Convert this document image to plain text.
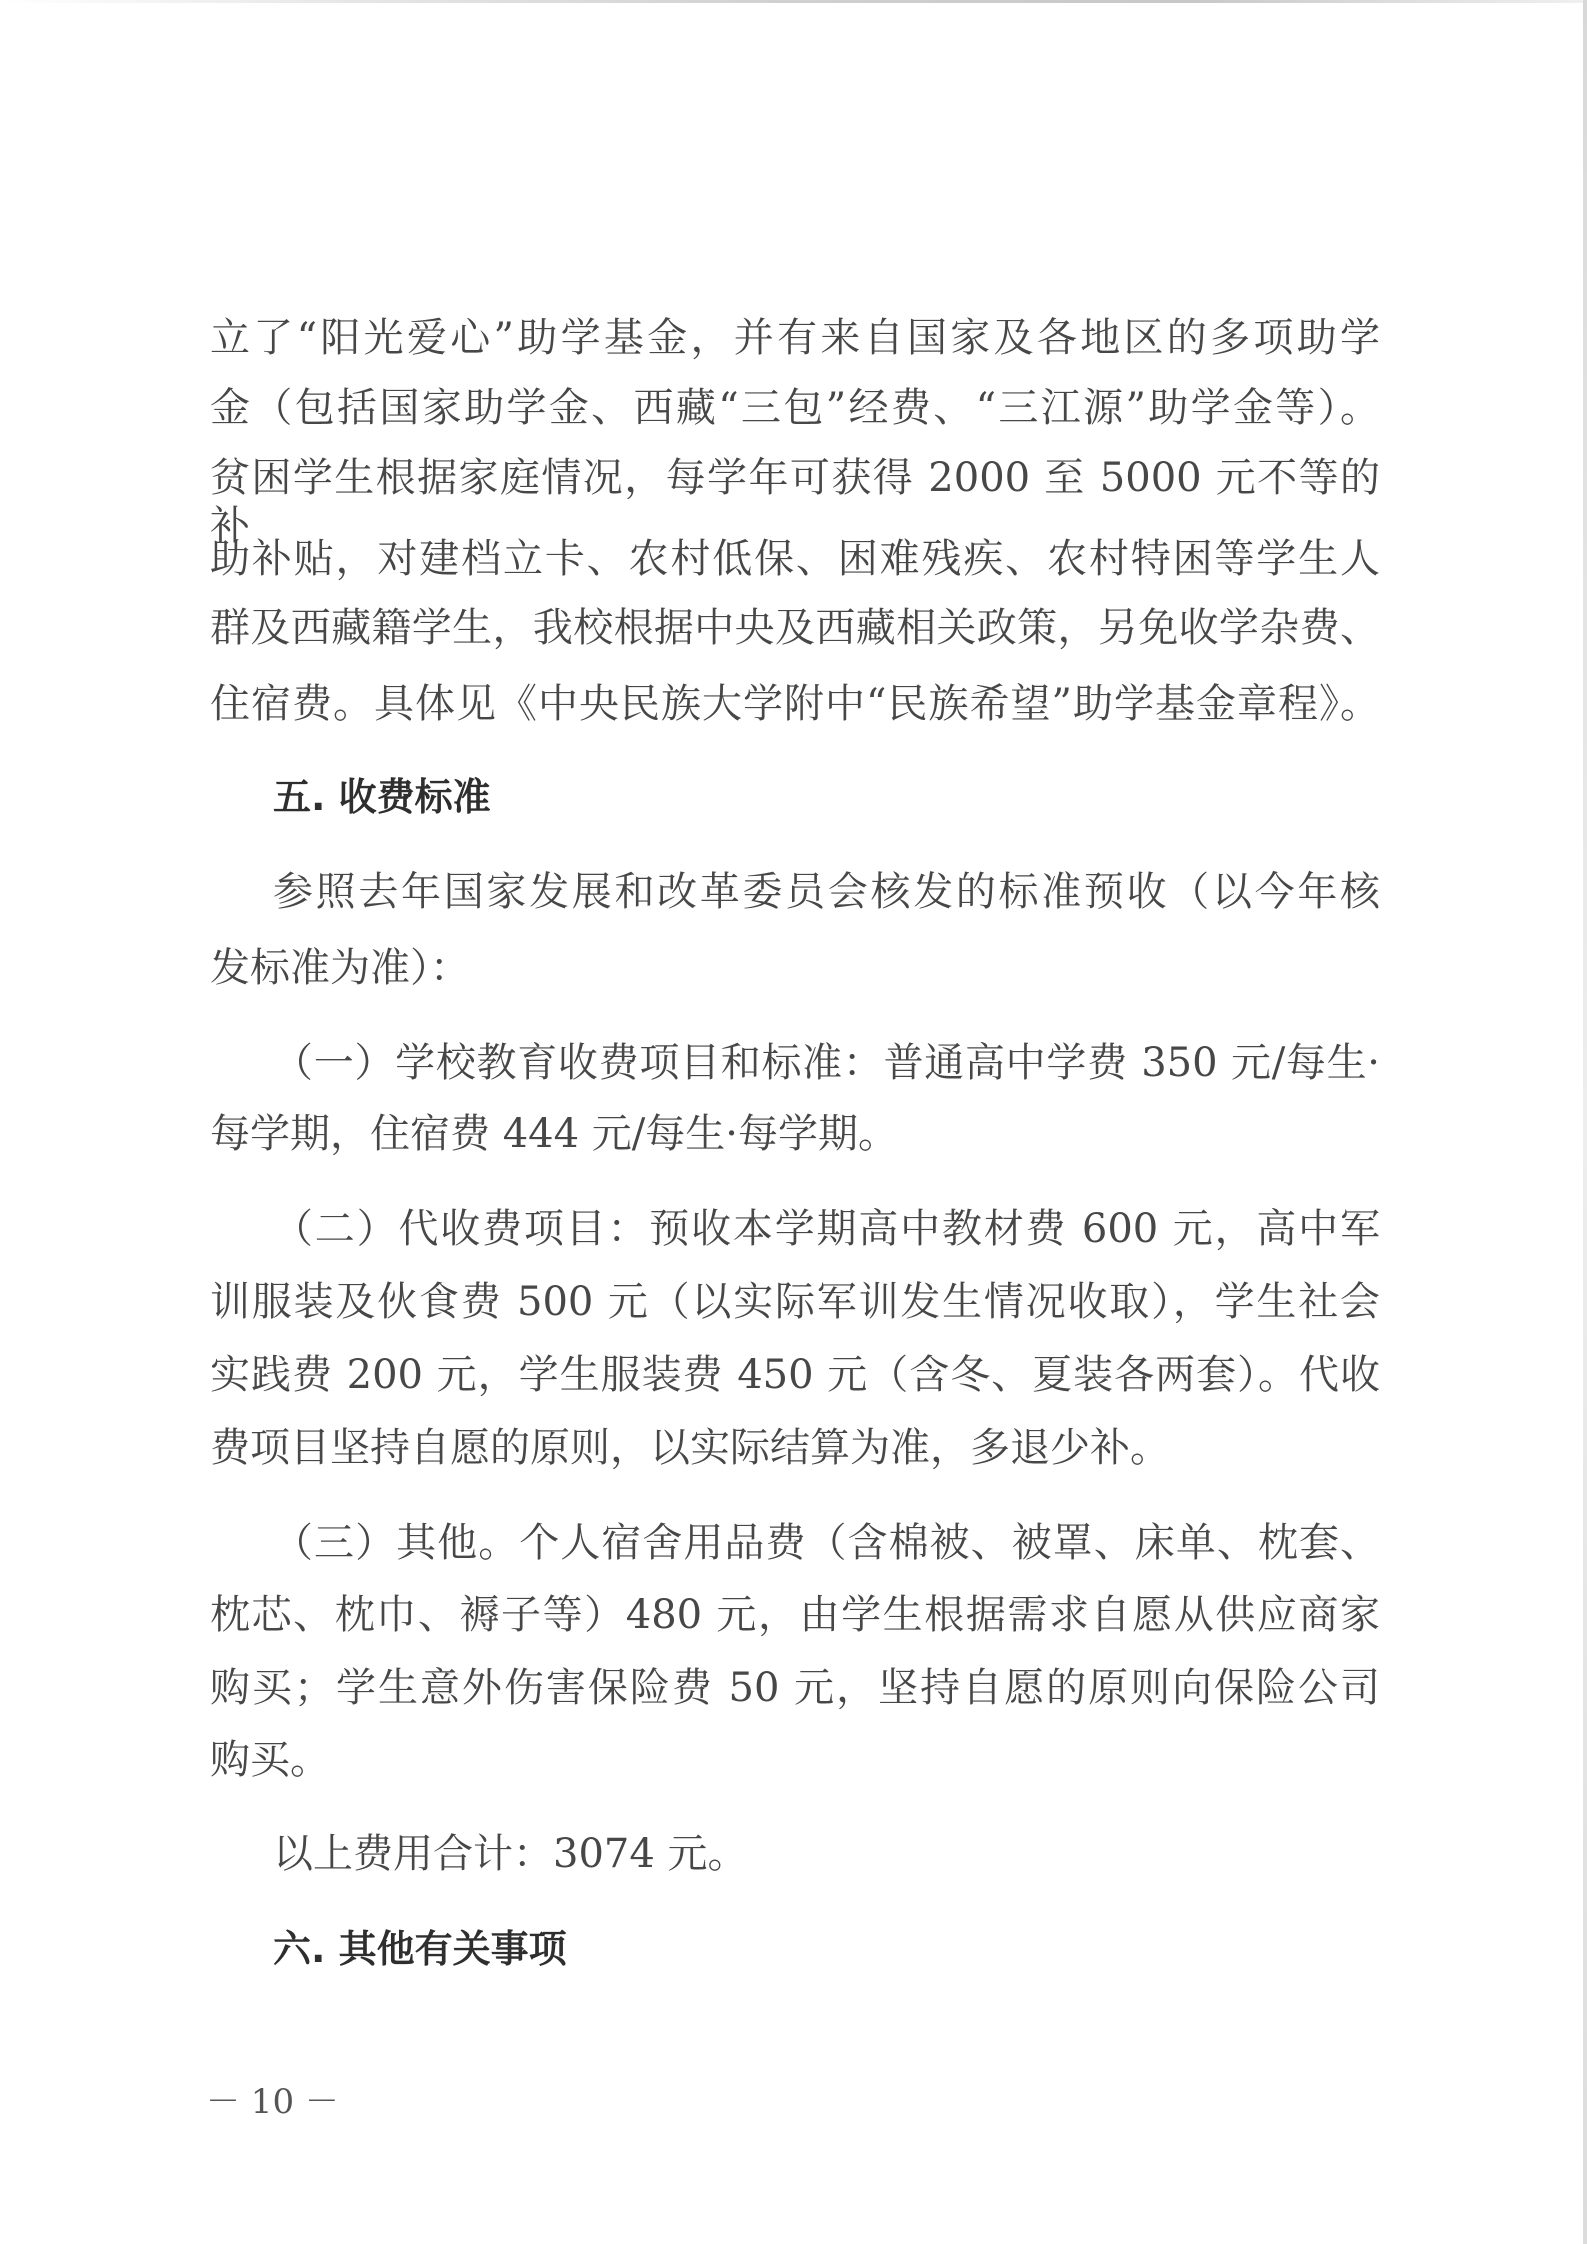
立了“阳光爱心”助学基金，并有来自国家及各地区的多项助学
金（包括国家助学金、西藏“三包”经费、“三江源”助学金等）。
贫困学生根据家庭情况，每学年可获得 2000 至 5000 元不等的补
助补贴，对建档立卡、农村低保、困难残疾、农村特困等学生人
群及西藏籍学生，我校根据中央及西藏相关政策，另免收学杂费、
住宿费。具体见《中央民族大学附中“民族希望”助学基金章程》。
五. 收费标准
参照去年国家发展和改革委员会核发的标准预收（以今年核
发标准为准）：
（一）学校教育收费项目和标准：普通高中学费 350 元/每生·
每学期，住宿费 444 元/每生·每学期。
（二）代收费项目：预收本学期高中教材费 600 元，高中军
训服装及伙食费 500 元（以实际军训发生情况收取），学生社会
实践费 200 元，学生服装费 450 元（含冬、夏装各两套）。代收
费项目坚持自愿的原则，以实际结算为准，多退少补。
（三）其他。个人宿舍用品费（含棉被、被罩、床单、枕套、
枕芯、枕巾、褥子等）480 元，由学生根据需求自愿从供应商家
购买；学生意外伤害保险费 50 元，坚持自愿的原则向保险公司
购买。
以上费用合计：3074 元。
六. 其他有关事项
－ 10 －
